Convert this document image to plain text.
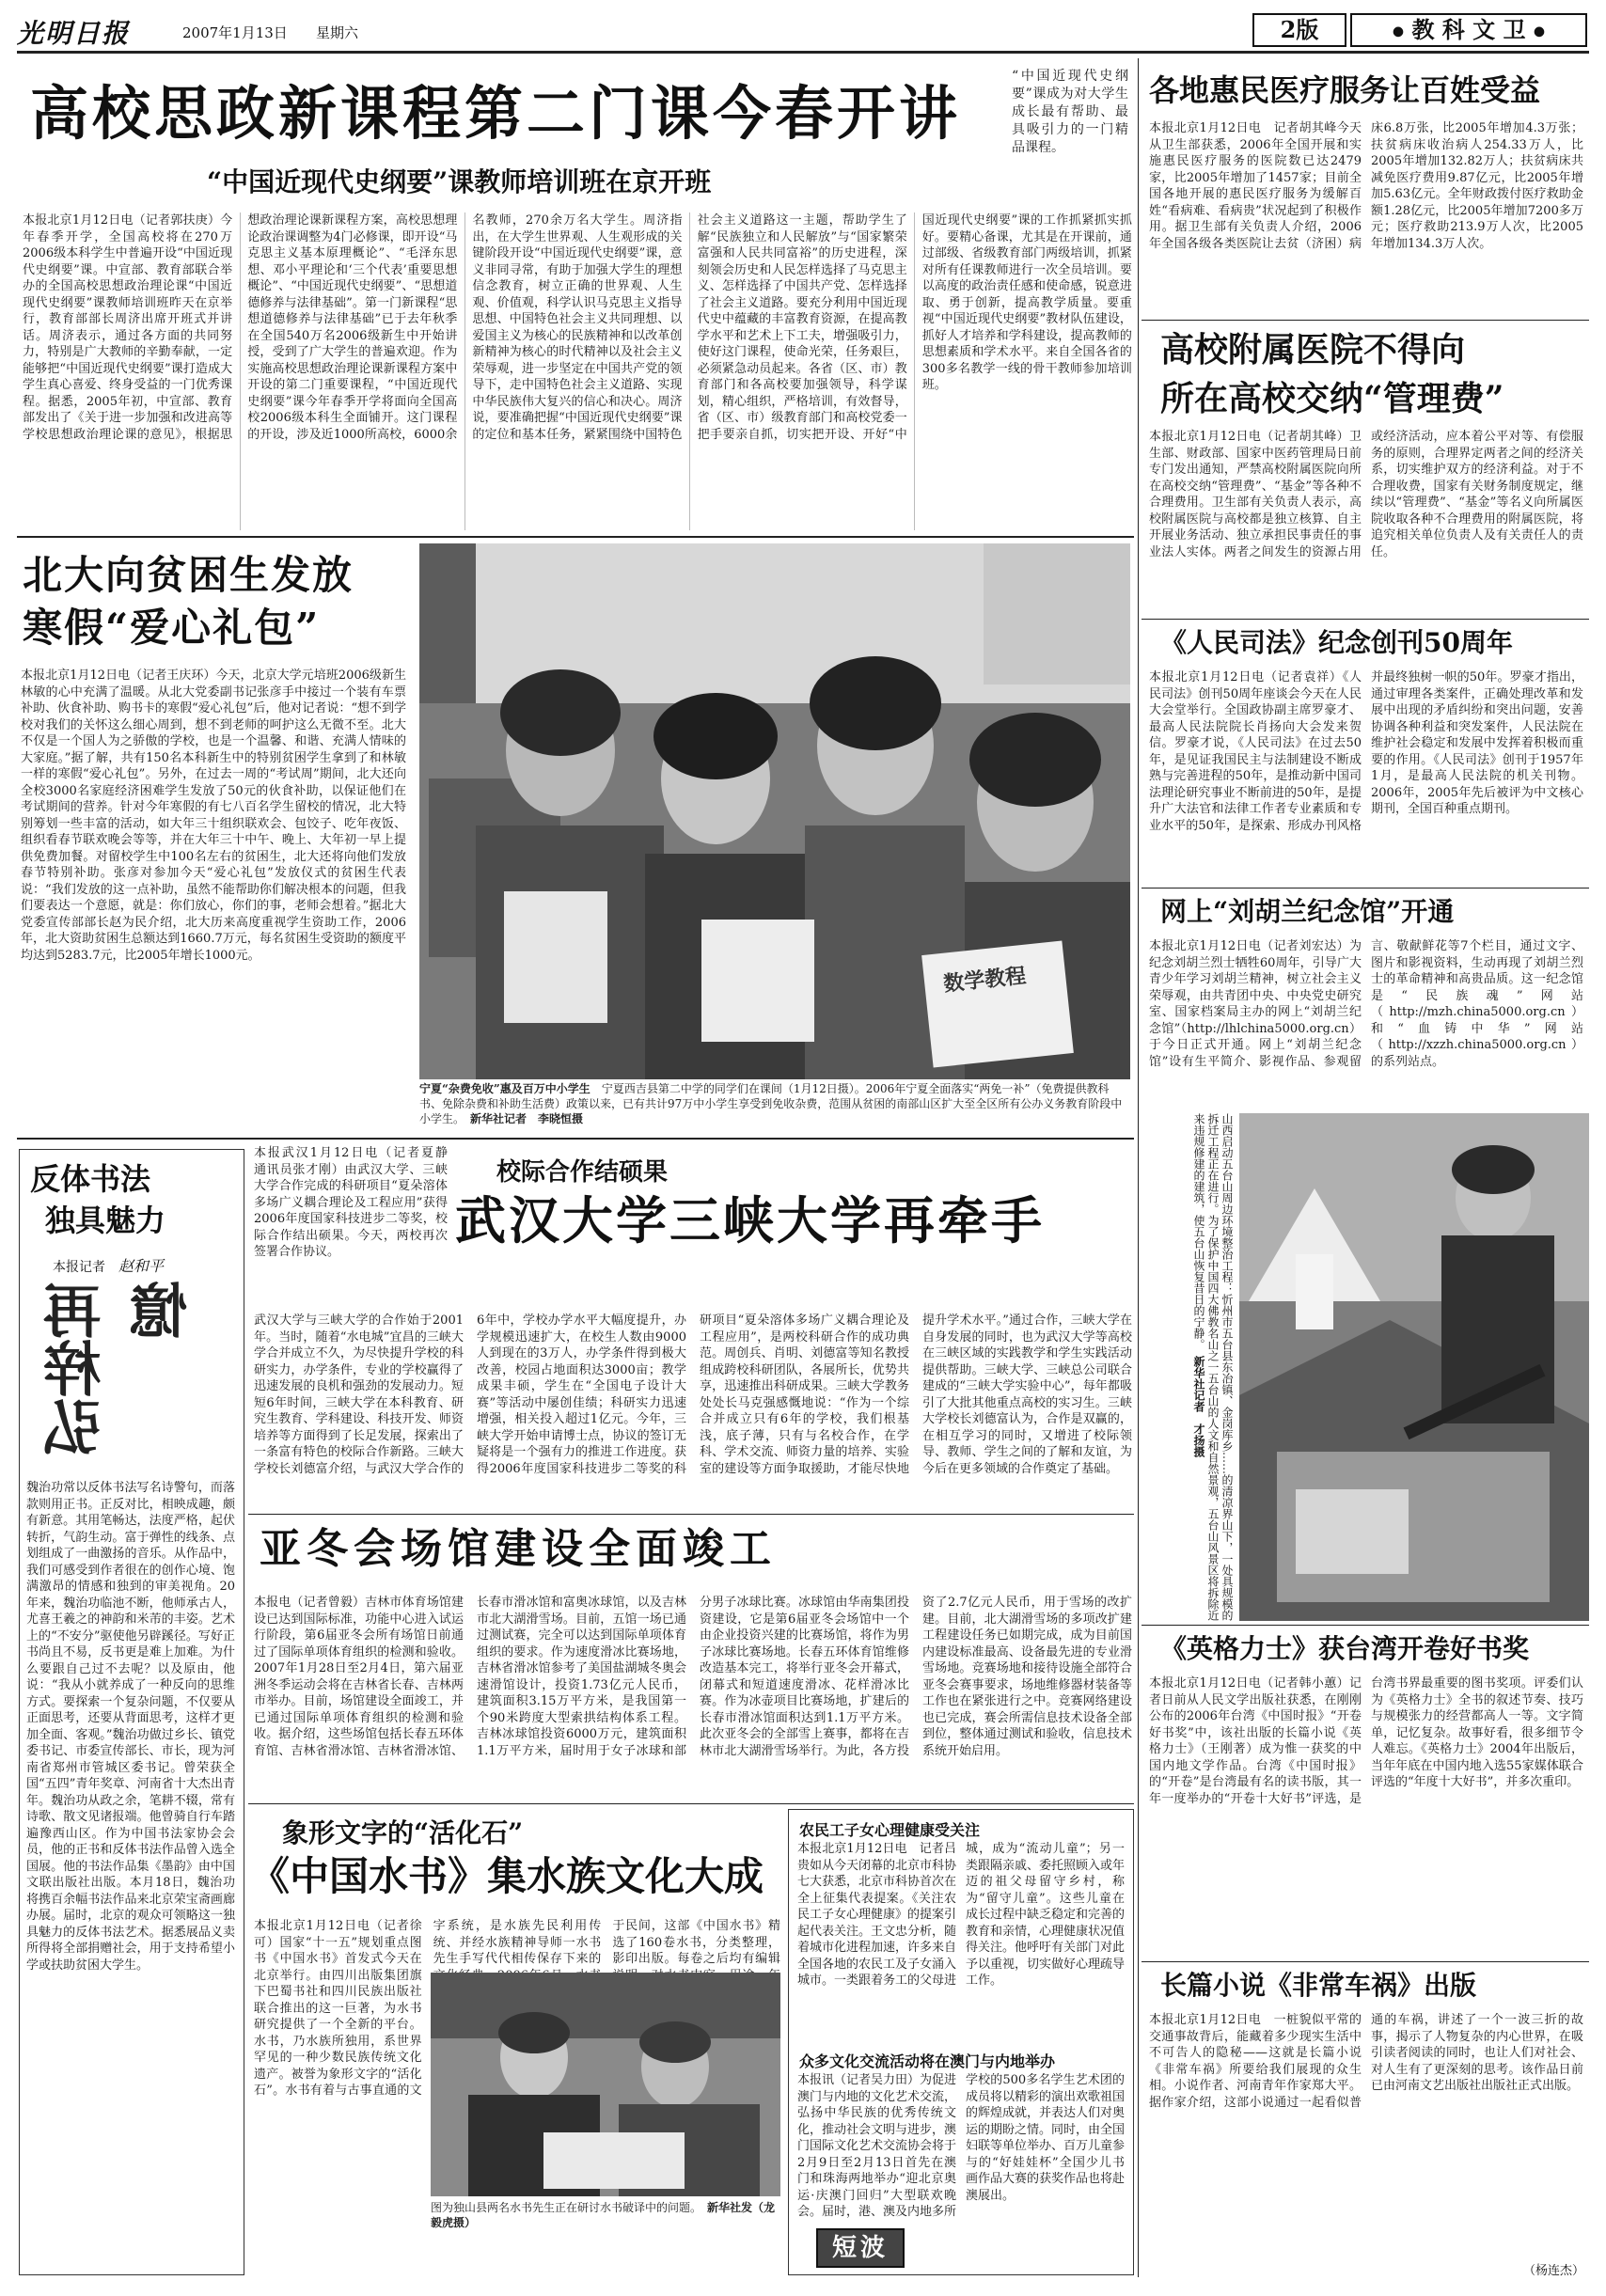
光明日报	2007年1月13日 星期六	2版	● 教 科 文 卫 ●
高校思政新课程第二门课今春开讲
“中国近现代史纲要”课教师培训班在京开班
“中国近现代史纲要”课成为对大学生成长最有帮助、最具吸引力的一门精品课程。
本报北京1月12日电（记者郭扶庚）今年春季开学，全国高校将在270万2006级本科学生中普遍开设“中国近现代史纲要”课。中宣部、教育部联合举办的全国高校思想政治理论课“中国近现代史纲要”课教师培训班昨天在京举行，教育部部长周济出席开班式并讲话。周济表示，通过各方面的共同努力，特别是广大教师的辛勤奉献，一定能够把“中国近现代史纲要”课打造成大学生真心喜爱、终身受益的一门优秀课程。据悉，2005年初，中宣部、教育部发出了《关于进一步加强和改进高等学校思想政治理论课的意见》，根据思想政治理论课新课程方案，高校思想理论政治课调整为4门必修课，即开设“马克思主义基本原理概论”、“毛泽东思想、邓小平理论和‘三个代表’重要思想概论”、“中国近现代史纲要”、“思想道德修养与法律基础”。第一门新课程“思想道德修养与法律基础”已于去年秋季在全国540万名2006级新生中开始讲授，受到了广大学生的普遍欢迎。作为实施高校思想政治理论课新课程方案中开设的第二门重要课程，“中国近现代史纲要”课今年春季开学将面向全国高校2006级本科生全面铺开。这门课程的开设，涉及近1000所高校，6000余名教师，270余万名大学生。周济指出，在大学生世界观、人生观形成的关键阶段开设“中国近现代史纲要”课，意义非同寻常，有助于加强大学生的理想信念教育，树立正确的世界观、人生观、价值观，科学认识马克思主义指导思想、中国特色社会主义共同理想、以爱国主义为核心的民族精神和以改革创新精神为核心的时代精神以及社会主义荣辱观，进一步坚定在中国共产党的领导下，走中国特色社会主义道路、实现中华民族伟大复兴的信心和决心。周济说，要准确把握“中国近现代史纲要”课的定位和基本任务，紧紧围绕中国特色社会主义道路这一主题，帮助学生了解“民族独立和人民解放”与“国家繁荣富强和人民共同富裕”的历史进程，深刻领会历史和人民怎样选择了马克思主义、怎样选择了中国共产党、怎样选择了社会主义道路。要充分利用中国近现代史中蕴藏的丰富教育资源，在提高教学水平和艺术上下工夫，增强吸引力，使好这门课程，使命光荣，任务艰巨，必须紧急动员起来。各省（区、市）教育部门和各高校要加强领导，科学谋划，精心组织，严格培训，有效督导，省（区、市）级教育部门和高校党委一把手要亲自抓，切实把开设、开好“中国近现代史纲要”课的工作抓紧抓实抓好。要精心备课，尤其是在开课前，通过部级、省级教育部门两级培训，抓紧对所有任课教师进行一次全员培训。要以高度的政治责任感和使命感，锐意进取、勇于创新，提高教学质量。要重视“中国近现代史纲要”教材队伍建设，抓好人才培养和学科建设，提高教师的思想素质和学术水平。来自全国各省的300多名教学一线的骨干教师参加培训班。
北大向贫困生发放
寒假“爱心礼包”
本报北京1月12日电（记者王庆环）今天，北京大学元培班2006级新生林敏的心中充满了温暖。从北大党委副书记张彦手中接过一个装有车票补助、伙食补助、购书卡的寒假“爱心礼包”后，他对记者说：“想不到学校对我们的关怀这么细心周到，想不到老师的呵护这么无微不至。北大不仅是一个国人为之骄傲的学校，也是一个温馨、和谐、充满人情味的大家庭。”据了解，共有150名本科新生中的特别贫困学生拿到了和林敏一样的寒假“爱心礼包”。另外，在过去一周的“考试周”期间，北大还向全校3000名家庭经济困难学生发放了50元的伙食补助，以保证他们在考试期间的营养。针对今年寒假的有七八百名学生留校的情况，北大特别筹划一些丰富的活动，如大年三十组织联欢会、包饺子、吃年夜饭、组织看春节联欢晚会等等，并在大年三十中午、晚上、大年初一早上提供免费加餐。对留校学生中100名左右的贫困生，北大还将向他们发放春节特别补助。张彦对参加今天“爱心礼包”发放仪式的贫困生代表说：“我们发放的这一点补助，虽然不能帮助你们解决根本的问题，但我们要表达一个意愿，就是：你们放心，你们的事，老师会想着。”据北大党委宣传部部长赵为民介绍，北大历来高度重视学生资助工作，2006年，北大资助贫困生总额达到1660.7万元，每名贫困生受资助的额度平均达到5283.7元，比2005年增长1000元。
数学教程
宁夏“杂费免收”惠及百万中小学生　 宁夏西吉县第二中学的同学们在课间（1月12日摄）。2006年宁夏全面落实“两免一补”（免费提供教科书、免除杂费和补助生活费）政策以来，已有共计97万中小学生享受到免收杂费，范围从贫困的南部山区扩大至全区所有公办义务教育阶段中小学生。　 新华社记者　李晓恒摄
反体书法
独具魅力
本报记者　 赵和平
再梓弘憶
魏治功常以反体书法写名诗警句，而落款则用正书。正反对比，相映成趣，颇有新意。其用笔畅达，法度严格，起伏转折，气韵生动。富于弹性的线条、点划组成了一曲激扬的音乐。从作品中，我们可感受到作者很在的创作心境、饱满激昂的情感和独到的审美视角。20年来，魏治功临池不断，他师承古人，尤喜王羲之的神韵和米芾的丰姿。艺术上的“不安分”驱使他另辟蹊径。写好正书尚且不易，反书更是难上加难。为什么要跟自己过不去呢？以及原由，他说：“我从小就养成了一种反向的思维方式。要探索一个复杂问题，不仅要从正面思考，还要从背面思考，这样才更加全面、客观。”魏治功做过乡长、镇党委书记、市委宣传部长、市长，现为河南省郑州市管城区委书记。曾荣获全国“五四”青年奖章、河南省十大杰出青年。魏治功从政之余，笔耕不辍，常有诗歌、散文见诸报端。他曾骑自行车踏遍豫西山区。作为中国书法家协会会员，他的正书和反体书法作品曾入选全国展。他的书法作品集《墨韵》由中国文联出版社出版。本月18日，魏治功将携百余幅书法作品来北京荣宝斋画廊办展。届时，北京的观众可领略这一独具魅力的反体书法艺术。据悉展品义卖所得将全部捐赠社会，用于支持希望小学或扶助贫困大学生。
本报武汉1月12日电（记者夏静　通讯员张才刚）由武汉大学、三峡大学合作完成的科研项目“夏朵溶体多场广义耦合理论及工程应用”获得2006年度国家科技进步二等奖，校际合作结出硕果。今天，两校再次签署合作协议。
校际合作结硕果
武汉大学三峡大学再牵手
武汉大学与三峡大学的合作始于2001年。当时，随着“水电城”宜昌的三峡大学合并成立不久，为尽快提升学校的科研实力，办学条件，专业的学校赢得了迅速发展的良机和强劲的发展动力。短短6年时间，三峡大学在本科教育、研究生教育、学科建设、科技开发、师资培养等方面得到了长足发展，探索出了一条富有特色的校际合作新路。三峡大学校长刘德富介绍，与武汉大学合作的6年中，学校办学水平大幅度提升，办学规模迅速扩大，在校生人数由9000人到现在的3万人，办学条件得到极大改善，校园占地面积达3000亩；教学成果丰硕，学生在“全国电子设计大赛”等活动中屡创佳绩；科研实力迅速增强，相关投入超过1亿元。今年，三峡大学开始申请博士点，协议的签订无疑将是一个强有力的推进工作进度。获得2006年度国家科技进步二等奖的科研项目“夏朵溶体多场广义耦合理论及工程应用”，是两校科研合作的成功典范。周创兵、肖明、刘德富等知名教授组成跨校科研团队，各展所长，优势共享，迅速推出科研成果。三峡大学教务处处长马克强感慨地说：“作为一个综合并成立只有6年的学校，我们根基浅，底子薄，只有与名校合作，在学科、学术交流、师资力量的培养、实验室的建设等方面争取援助，才能尽快地提升学术水平。”通过合作，三峡大学在自身发展的同时，也为武汉大学等高校在三峡区域的实践教学和学生实践活动提供帮助。三峡大学、三峡总公司联合建成的“三峡大学实验中心”，每年都吸引了大批其他重点高校的实习生。三峡大学校长刘德富认为，合作是双赢的，在相互学习的同时，又增进了校际领导、教师、学生之间的了解和友谊，为今后在更多领域的合作奠定了基础。
亚冬会场馆建设全面竣工
本报电（记者曾毅）吉林市体育场馆建设已达到国际标准，功能中心进入试运行阶段，第6届亚冬会所有场馆日前通过了国际单项体育组织的检测和验收。2007年1月28日至2月4日，第六届亚洲冬季运动会将在吉林省长春、吉林两市举办。目前，场馆建设全面竣工，并已通过国际单项体育组织的检测和验收。据介绍，这些场馆包括长春五环体育馆、吉林省滑冰馆、吉林省滑冰馆、长春市滑冰馆和富奥冰球馆，以及吉林市北大湖滑雪场。目前，五馆一场已通过测试赛，完全可以达到国际单项体育组织的要求。作为速度滑冰比赛场地，吉林省滑冰馆参考了美国盐湖城冬奥会速滑馆设计，投资1.73亿元人民币，建筑面积3.15万平方米，是我国第一个90米跨度大型索拱结构体系工程。吉林冰球馆投资6000万元，建筑面积1.1万平方米，届时用于女子冰球和部分男子冰球比赛。冰球馆由华南集团投资建设，它是第6届亚冬会场馆中一个由企业投资兴建的比赛场馆，将作为男子冰球比赛场地。长春五环体育馆维修改造基本完工，将举行亚冬会开幕式，闭幕式和短道速度滑冰、花样滑冰比赛。作为冰壶项目比赛场地，扩建后的长春市滑冰馆面积达到1.1万平方米。此次亚冬会的全部雪上赛事，都将在吉林市北大湖滑雪场举行。为此，各方投资了2.7亿元人民币，用于雪场的改扩建。目前，北大湖滑雪场的多项改扩建工程建设任务已如期完成，成为目前国内建设标准最高、设备最先进的专业滑雪场地。竞赛场地和接待设施全部符合亚冬会赛事要求，场地维修器材装备等工作也在紧张进行之中。竞赛网络建设也已完成，赛会所需信息技术设备全部到位，整体通过测试和验收，信息技术系统开始启用。
象形文字的“活化石”
《中国水书》集水族文化大成
本报北京1月12日电（记者徐可）国家“十一五”规划重点图书《中国水书》首发式今天在北京举行。由四川出版集团旗下巴蜀书社和四川民族出版社联合推出的这一巨著，为水书研究提供了一个全新的平台。水书，乃水族所独用，系世界罕见的一种少数民族传统文化遗产。被誉为象形文字的“活化石”。水书有着与古事直通的文字系统，是水族先民利用传统、并经水族精神导师一水书先生手写代代相传保存下来的 于民间，这部《中国水书》精选了160卷水书，分类整理，影印出版。每卷之后均有编辑
图为独山县两名水书先生正在研讨水书破译中的问题。　 新华社发（龙毅虎摄）
农民工子女心理健康受关注
本报北京1月12日电　记者吕贵如从今天闭幕的北京市科协七大获悉，北京市科协首次在全上征集代表提案。《关注农民工子女心理健康》的提案引起代表关注。王文忠分析，随着城市化进程加速，许多来自全国各地的农民工及子女涌入城市。一类跟着务工的父母进城，成为“流动儿童”；另一类跟隔亲戚、委托照顾入或年迈的祖父母留守乡村，称为“留守儿童”。这些儿童在成长过程中缺乏稳定和完善的教育和亲情，心理健康状况值得关注。他呼吁有关部门对此予以重视，切实做好心理疏导工作。
众多文化交流活动将在澳门与内地举办
本报讯（记者吴力田）为促进澳门与内地的文化艺术交流，弘扬中华民族的优秀传统文化，推动社会文明与进步，澳门国际文化艺术交流协会将于2月9日至2月13日首先在澳门和珠海两地举办“迎北京奥运·庆澳门回归”大型联欢晚会。届时，港、澳及内地多所学校的500多名学生艺术团的成员将以精彩的演出欢歌祖国的辉煌成就，并表达人们对奥运的期盼之情。同时，由全国妇联等单位举办、百万儿童参与的“好娃娃杯”全国少儿书画作品大赛的获奖作品也将赴澳展出。
短波
各地惠民医疗服务让百姓受益
本报北京1月12日电　记者胡其峰今天从卫生部获悉，2006年全国开展和实施惠民医疗服务的医院数已达2479家，比2005年增加了1457家；目前全国各地开展的惠民医疗服务为缓解百姓“看病难、看病贵”状况起到了积极作用。据卫生部有关负责人介绍，2006年全国各级各类医院让去贫（济困）病床6.8万张，比2005年增加4.3万张；扶贫病床收治病人254.33万人，比2005年增加132.82万人；扶贫病床共减免医疗费用9.87亿元，比2005年增加5.63亿元。全年财政拨付医疗救助金额1.28亿元，比2005年增加7200多万元；医疗救助213.9万人次，比2005年增加134.3万人次。
高校附属医院不得向
所在高校交纳“管理费”
本报北京1月12日电（记者胡其峰）卫生部、财政部、国家中医药管理局日前专门发出通知，严禁高校附属医院向所在高校交纳“管理费”、“基金”等各种不合理费用。卫生部有关负责人表示，高校附属医院与高校都是独立核算、自主开展业务活动、独立承担民事责任的事业法人实体。两者之间发生的资源占用或经济活动，应本着公平对等、有偿服务的原则，合理界定两者之间的经济关系，切实维护双方的经济利益。对于不合理收费，国家有关财务制度规定，继续以“管理费”、“基金”等名义向所属医院收取各种不合理费用的附属医院，将追究相关单位负责人及有关责任人的责任。
《人民司法》纪念创刊50周年
本报北京1月12日电（记者袁祥）《人民司法》创刊50周年座谈会今天在人民大会堂举行。全国政协副主席罗豪才、最高人民法院院长肖扬向大会发来贺信。罗豪才说，《人民司法》在过去50年，是见证我国民主与法制建设不断成熟与完善进程的50年，是推动新中国司法理论研究事业不断前进的50年，是提升广大法官和法律工作者专业素质和专业水平的50年，是探索、形成办刊风格并最终独树一帜的50年。罗豪才指出，通过审理各类案件，正确处理改革和发展中出现的矛盾纠纷和突出问题，安善协调各种利益和突发案件，人民法院在维护社会稳定和发展中发挥着积极而重要的作用。《人民司法》创刊于1957年1月，是最高人民法院的机关刊物。2006年，2005年先后被评为中文核心期刊，全国百种重点期刊。
网上“刘胡兰纪念馆”开通
本报北京1月12日电（记者刘宏达）为纪念刘胡兰烈士牺牲60周年，引导广大青少年学习刘胡兰精神，树立社会主义荣辱观，由共青团中央、中央党史研究室、国家档案局主办的网上“刘胡兰纪念馆”（http://lhlchina5000.org.cn）于今日正式开通。网上“刘胡兰纪念馆”设有生平简介、影视作品、参观留言、敬献鲜花等7个栏目，通过文字、图片和影视资料，生动再现了刘胡兰烈士的革命精神和高贵品质。这一纪念馆是“民族魂”网站（http://mzh.china5000.org.cn）和“血铸中华”网站（http://xzzh.china5000.org.cn）的系列站点。
山西启动五台山周边环境整治工程：忻州市五台县东冶镇、金岗库乡……的清凉界山下，一处具规模的拆迁工程正在进行。为了保护中国四大佛教名山之一五台山的人文和自然景观，五台山风景区将拆除近来违规修建的建筑，使五台山恢复昔日的宁静。　新华社记者　才扬摄
《英格力士》获台湾开卷好书奖
本报北京1月12日电（记者韩小蕙）记者日前从人民文学出版社获悉，在刚刚公布的2006年台湾《中国时报》“开卷好书奖”中，该社出版的长篇小说《英格力士》（王刚著）成为惟一获奖的中国内地文学作品。台湾《中国时报》的“开卷”是台湾最有名的读书版，其一年一度举办的“开卷十大好书”评选，是台湾书界最重要的图书奖项。评委们认为《英格力士》全书的叙述节奏、技巧与规模张力的经营都高人一等。文字简单，记忆复杂。故事好看，很多细节令人难忘。《英格力士》2004年出版后，当年年底在中国内地入选55家媒体联合评选的“年度十大好书”，并多次重印。
长篇小说《非常车祸》出版
本报北京1月12日电　一桩貌似平常的交通事故背后，能藏着多少现实生活中不可告人的隐秘——这就是长篇小说《非常车祸》所要给我们展现的众生相。小说作者、河南青年作家郑大平。据作家介绍，这部小说通过一起看似普通的车祸，讲述了一个一波三折的故事，揭示了人物复杂的内心世界，在吸引读者阅读的同时，也让人们对社会、对人生有了更深刻的思考。该作品日前已由河南文艺出版社出版社正式出版。
（杨连杰）
